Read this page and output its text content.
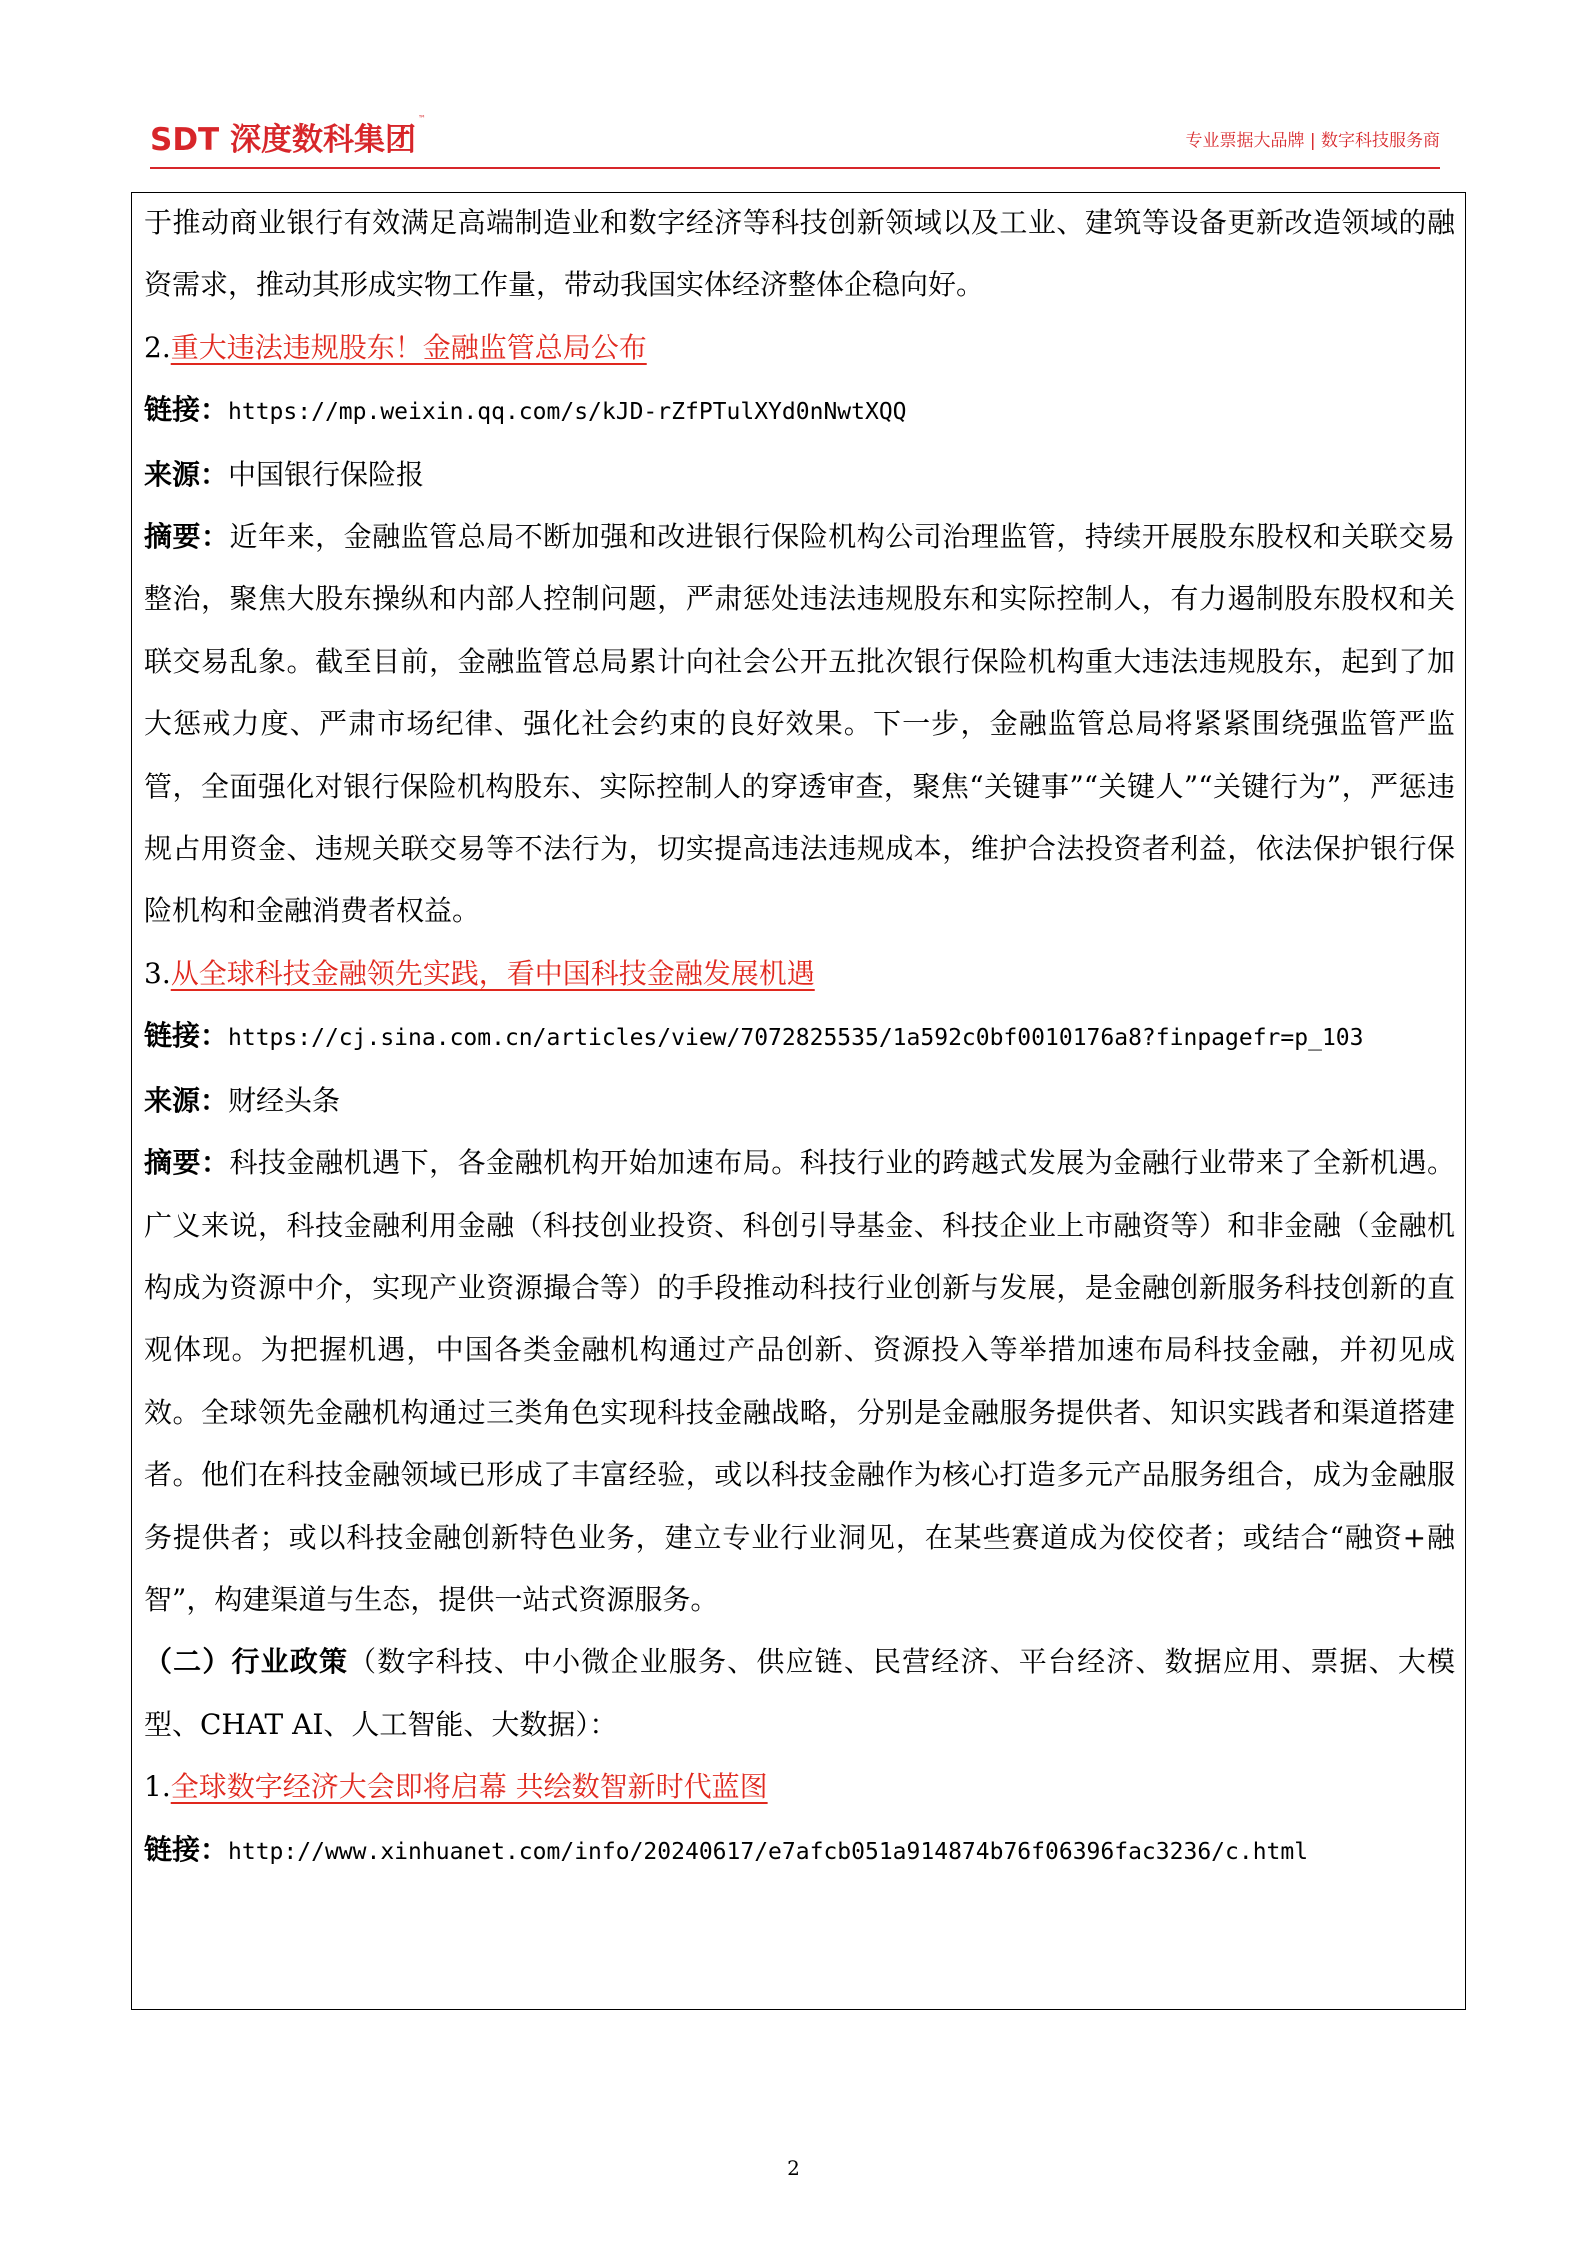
SDT 深度数科集团™
专业票据大品牌 | 数字科技服务商

于推动商业银行有效满足高端制造业和数字经济等科技创新领域以及工业、建筑等设备更新改造领域的融资需求，推动其形成实物工作量，带动我国实体经济整体企稳向好。

2.重大违法违规股东！金融监管总局公布

链接：https://mp.weixin.qq.com/s/kJD-rZfPTulXYd0nNwtXQQ

来源：中国银行保险报

摘要：近年来，金融监管总局不断加强和改进银行保险机构公司治理监管，持续开展股东股权和关联交易整治，聚焦大股东操纵和内部人控制问题，严肃惩处违法违规股东和实际控制人，有力遏制股东股权和关联交易乱象。截至目前，金融监管总局累计向社会公开五批次银行保险机构重大违法违规股东，起到了加大惩戒力度、严肃市场纪律、强化社会约束的良好效果。下一步，金融监管总局将紧紧围绕强监管严监管，全面强化对银行保险机构股东、实际控制人的穿透审查，聚焦“关键事”“关键人”“关键行为”，严惩违规占用资金、违规关联交易等不法行为，切实提高违法违规成本，维护合法投资者利益，依法保护银行保险机构和金融消费者权益。

3.从全球科技金融领先实践，看中国科技金融发展机遇

链接：https://cj.sina.com.cn/articles/view/7072825535/1a592c0bf0010176a8?finpagefr=p_103

来源：财经头条

摘要：科技金融机遇下，各金融机构开始加速布局。科技行业的跨越式发展为金融行业带来了全新机遇。广义来说，科技金融利用金融（科技创业投资、科创引导基金、科技企业上市融资等）和非金融（金融机构成为资源中介，实现产业资源撮合等）的手段推动科技行业创新与发展，是金融创新服务科技创新的直观体现。为把握机遇，中国各类金融机构通过产品创新、资源投入等举措加速布局科技金融，并初见成效。全球领先金融机构通过三类角色实现科技金融战略，分别是金融服务提供者、知识实践者和渠道搭建者。他们在科技金融领域已形成了丰富经验，或以科技金融作为核心打造多元产品服务组合，成为金融服务提供者；或以科技金融创新特色业务，建立专业行业洞见，在某些赛道成为佼佼者；或结合“融资+融智”，构建渠道与生态，提供一站式资源服务。

（二）行业政策（数字科技、中小微企业服务、供应链、民营经济、平台经济、数据应用、票据、大模型、CHAT AI、人工智能、大数据）：

1.全球数字经济大会即将启幕 共绘数智新时代蓝图

链接：http://www.xinhuanet.com/info/20240617/e7afcb051a914874b76f06396fac3236/c.html

2
